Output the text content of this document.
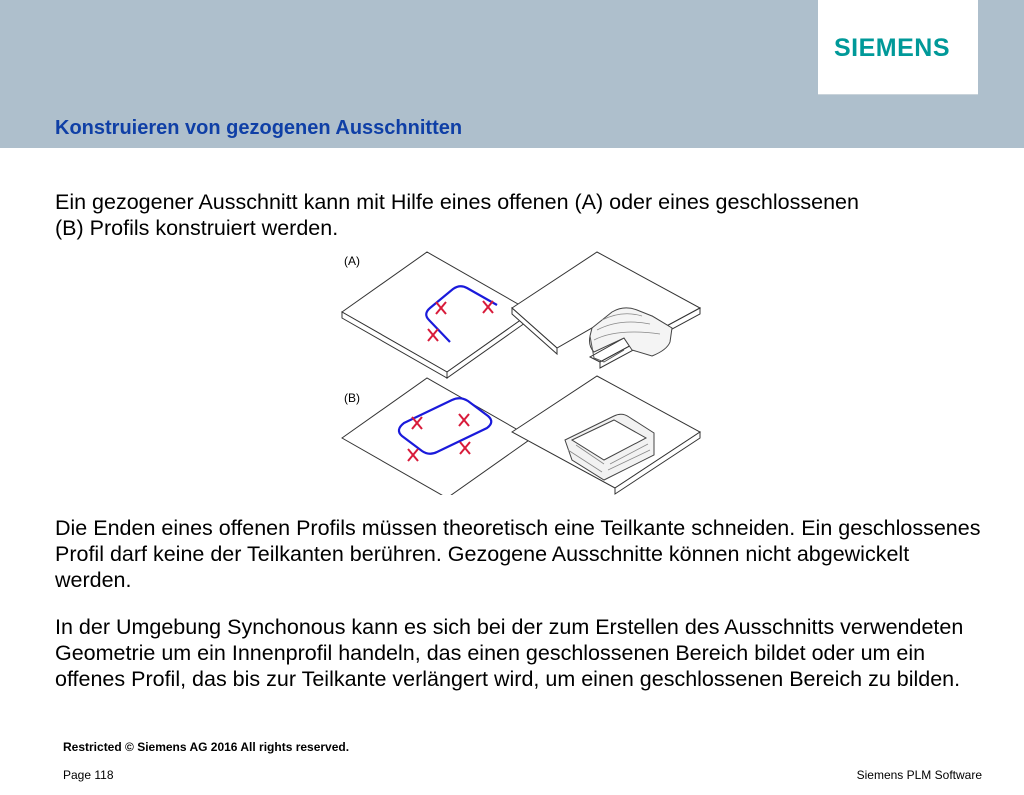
SIEMENS
Konstruieren von gezogenen Ausschnitten

Ein gezogener Ausschnitt kann mit Hilfe eines offenen (A) oder eines geschlossenen (B) Profils konstruiert werden.

(A)
(B)

Die Enden eines offenen Profils müssen theoretisch eine Teilkante schneiden. Ein geschlossenes Profil darf keine der Teilkanten berühren. Gezogene Ausschnitte können nicht abgewickelt werden.

In der Umgebung Synchonous kann es sich bei der zum Erstellen des Ausschnitts verwendeten Geometrie um ein Innenprofil handeln, das einen geschlossenen Bereich bildet oder um ein offenes Profil, das bis zur Teilkante verlängert wird, um einen geschlossenen Bereich zu bilden.

Restricted © Siemens AG 2016 All rights reserved.
Page 118	Siemens PLM Software
